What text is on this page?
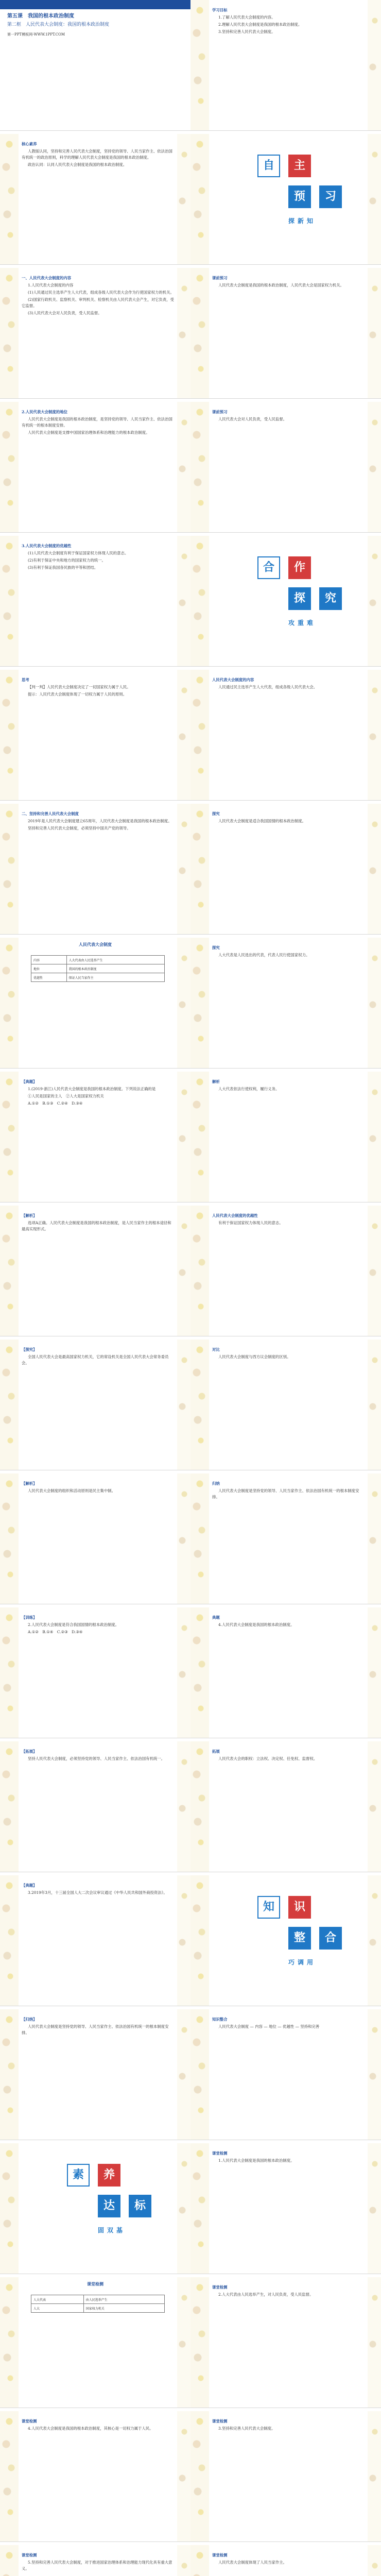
第五课　我国的根本政治制度
第二框　人民代表大会制度：我国的根本政治制度
第一PPT模板网-WWW.1PPT.COM

核心素养

人教版认同，坚持和完善人民代表大会制度，坚持党的领导、人民当家作主、依法治国有机统一的政治原则，科学的理解人民代表大会制度是我国的根本政治制度。

政治认同：认同人民代表大会制度是我国的根本政治制度。

一、人民代表大会制度的内容

1.人民代表大会制度的内容

(1)人民通过民主选举产生人大代表，组成各级人民代表大会作为行使国家权力的机关。

(2)国家行政机关、监察机关、审判机关、检察机关由人民代表大会产生，对它负责，受它监督。

(3)人民代表大会对人民负责，受人民监督。

2.人民代表大会制度的地位

人民代表大会制度是我国的根本政治制度，是坚持党的领导、人民当家作主、依法治国有机统一的根本制度安排。

人民代表大会制度是支撑中国国家治理体系和治理能力的根本政治制度。

3.人民代表大会制度的优越性

(1)人民代表大会制度有利于保证国家权力体现人民的意志。

(2)有利于保证中央和地方的国家权力的统一。

(3)有利于保证我国各民族的平等和团结。

思考

【判一判】人民代表大会制度决定了一切国家权力属于人民。

提示：人民代表大会制度体现了一切权力属于人民的原则。

二、坚持和完善人民代表大会制度

2019年是人民代表大会制度建立65周年，人民代表大会制度是我国的根本政治制度。

坚持和完善人民代表大会制度，必须坚持中国共产党的领导。

人民代表大会制度
内容	人大代表由人民选举产生
地位	我国的根本政治制度
优越性	保证人民当家作主

【典题】

1.(2019·浙江)人民代表大会制度是我国的根本政治制度。下列说法正确的是

①人民是国家的主人　②人大是国家权力机关

A.①②　B.①③　C.②④　D.③④

【解析】

选项A正确。人民代表大会制度是我国的根本政治制度，是人民当家作主的根本途径和最高实现形式。

【探究】

全国人民代表大会是最高国家权力机关，它的常设机关是全国人民代表大会常务委员会。

【解析】

人民代表大会制度的组织和活动原则是民主集中制。

【训练】

2.人民代表大会制度是符合我国国情的根本政治制度。

A.①②　B.①④　C.②③　D.③④

【拓展】

坚持人民代表大会制度，必须坚持党的领导、人民当家作主、依法治国有机统一。

【典题】

3.2019年3月，十三届全国人大二次会议审议通过《中华人民共和国外商投资法》。

【归纳】

人民代表大会制度是坚持党的领导、人民当家作主、依法治国有机统一的根本制度安排。

素	养
达	标
固双基
课堂检测
人大代表	由人民选举产生
人大	国家权力机关

课堂检测

4.人民代表大会制度是我国的根本政治制度，其核心是一切权力属于人民。

课堂检测

5.坚持和完善人民代表大会制度，对于推进国家治理体系和治理能力现代化具有重大意义。

学习目标

1.了解人民代表大会制度的内容。

2.理解人民代表大会制度是我国的根本政治制度。

3.坚持和完善人民代表大会制度。

自	主
预	习
探新知

课前预习

人民代表大会制度是我国的根本政治制度，人民代表大会是国家权力机关。

课前预习

人民代表大会对人民负责，受人民监督。

合	作
探	究
攻重难

人民代表大会制度的内容

人民通过民主选举产生人大代表，组成各级人民代表大会。

探究

人民代表大会制度是适合我国国情的根本政治制度。

探究

人大代表是人民选出的代表，代表人民行使国家权力。

解析

人大代表依法行使权利，履行义务。

人民代表大会制度的优越性

有利于保证国家权力体现人民的意志。

对比

人民代表大会制度与西方议会制度的区别。

归纳

人民代表大会制度是坚持党的领导、人民当家作主、依法治国有机统一的根本制度安排。

典题

4.人民代表大会制度是我国的根本政治制度。

拓展

人民代表大会的职权：立法权、决定权、任免权、监督权。

知	识
整	合
巧调用

知识整合

人民代表大会制度 — 内容 — 地位 — 优越性 — 坚持和完善

课堂检测

1.人民代表大会制度是我国的根本政治制度。

课堂检测

2.人大代表由人民选举产生，对人民负责，受人民监督。

课堂检测

3.坚持和完善人民代表大会制度。

课堂检测

人民代表大会制度体现了人民当家作主。
